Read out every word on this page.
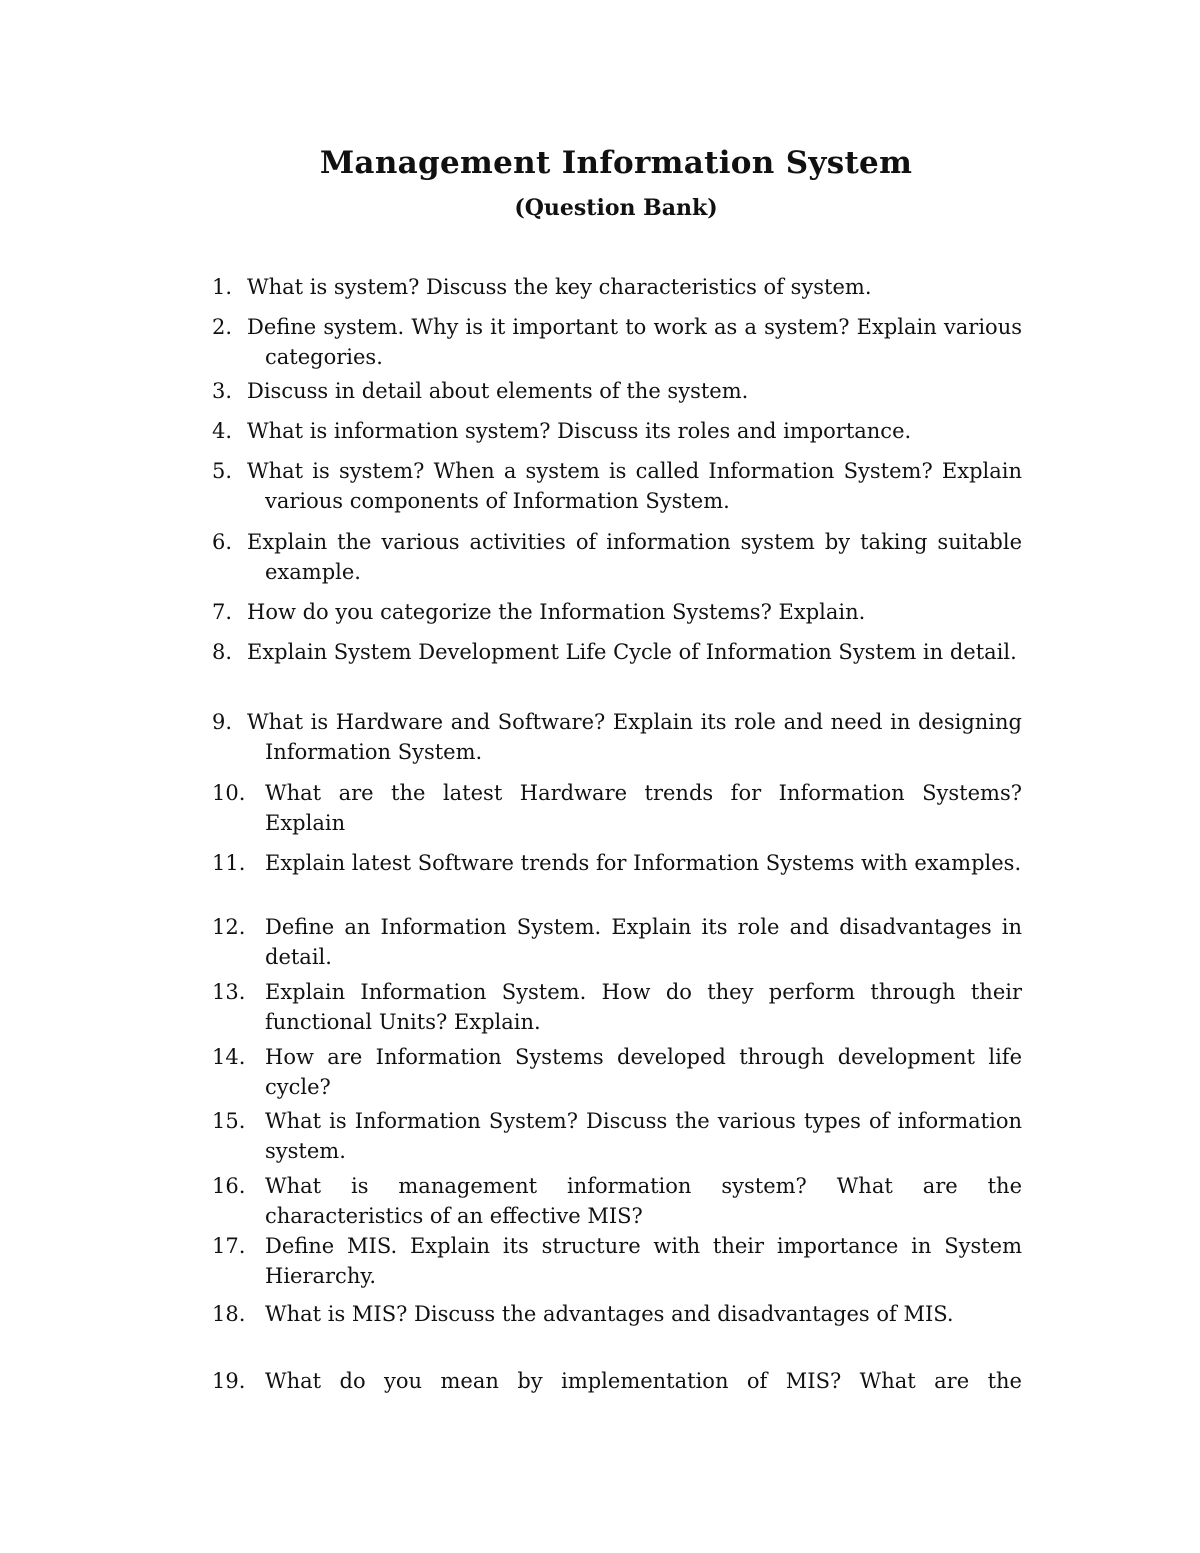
Management Information System
(Question Bank)
1. What is system? Discuss the key characteristics of system.
2. Define system. Why is it important to work as a system? Explain various categories.
3. Discuss in detail about elements of the system.
4. What is information system? Discuss its roles and importance.
5. What is system? When a system is called Information System? Explain various components of Information System.
6. Explain the various activities of information system by taking suitable example.
7. How do you categorize the Information Systems? Explain.
8. Explain System Development Life Cycle of Information System in detail.
9. What is Hardware and Software? Explain its role and need in designing Information System.
10. What are the latest Hardware trends for Information Systems? Explain
11. Explain latest Software trends for Information Systems with examples.
12. Define an Information System. Explain its role and disadvantages in detail.
13. Explain Information System. How do they perform through their functional Units? Explain.
14. How are Information Systems developed through development life cycle?
15. What is Information System? Discuss the various types of information system.
16. What is management information system? What are the characteristics of an effective MIS?
17. Define MIS. Explain its structure with their importance in System Hierarchy.
18. What is MIS? Discuss the advantages and disadvantages of MIS.
19. What do you mean by implementation of MIS? What are the
